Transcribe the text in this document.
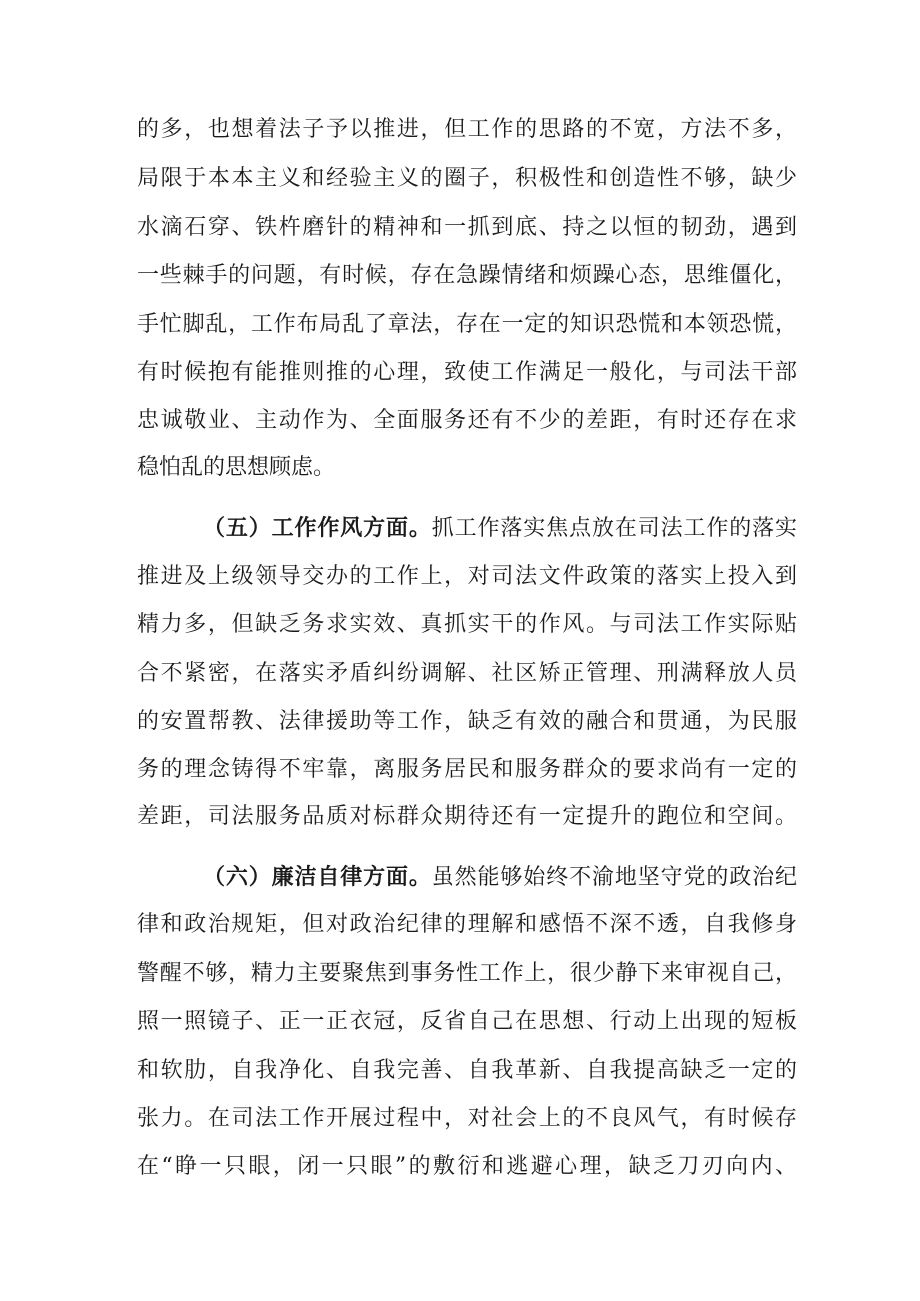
的多，也想着法子予以推进，但工作的思路的不宽，方法不多，
局限于本本主义和经验主义的圈子，积极性和创造性不够，缺少
水滴石穿、铁杵磨针的精神和一抓到底、持之以恒的韧劲，遇到
一些棘手的问题，有时候，存在急躁情绪和烦躁心态，思维僵化，
手忙脚乱，工作布局乱了章法，存在一定的知识恐慌和本领恐慌，
有时候抱有能推则推的心理，致使工作满足一般化，与司法干部
忠诚敬业、主动作为、全面服务还有不少的差距，有时还存在求
稳怕乱的思想顾虑。
（五）工作作风方面。抓工作落实焦点放在司法工作的落实
推进及上级领导交办的工作上，对司法文件政策的落实上投入到
精力多，但缺乏务求实效、真抓实干的作风。与司法工作实际贴
合不紧密，在落实矛盾纠纷调解、社区矫正管理、刑满释放人员
的安置帮教、法律援助等工作，缺乏有效的融合和贯通，为民服
务的理念铸得不牢靠，离服务居民和服务群众的要求尚有一定的
差距，司法服务品质对标群众期待还有一定提升的跑位和空间。
（六）廉洁自律方面。虽然能够始终不渝地坚守党的政治纪
律和政治规矩，但对政治纪律的理解和感悟不深不透，自我修身
警醒不够，精力主要聚焦到事务性工作上，很少静下来审视自己，
照一照镜子、正一正衣冠，反省自己在思想、行动上出现的短板
和软肋，自我净化、自我完善、自我革新、自我提高缺乏一定的
张力。在司法工作开展过程中，对社会上的不良风气，有时候存
在“睁一只眼，闭一只眼”的敷衍和逃避心理，缺乏刀刃向内、
